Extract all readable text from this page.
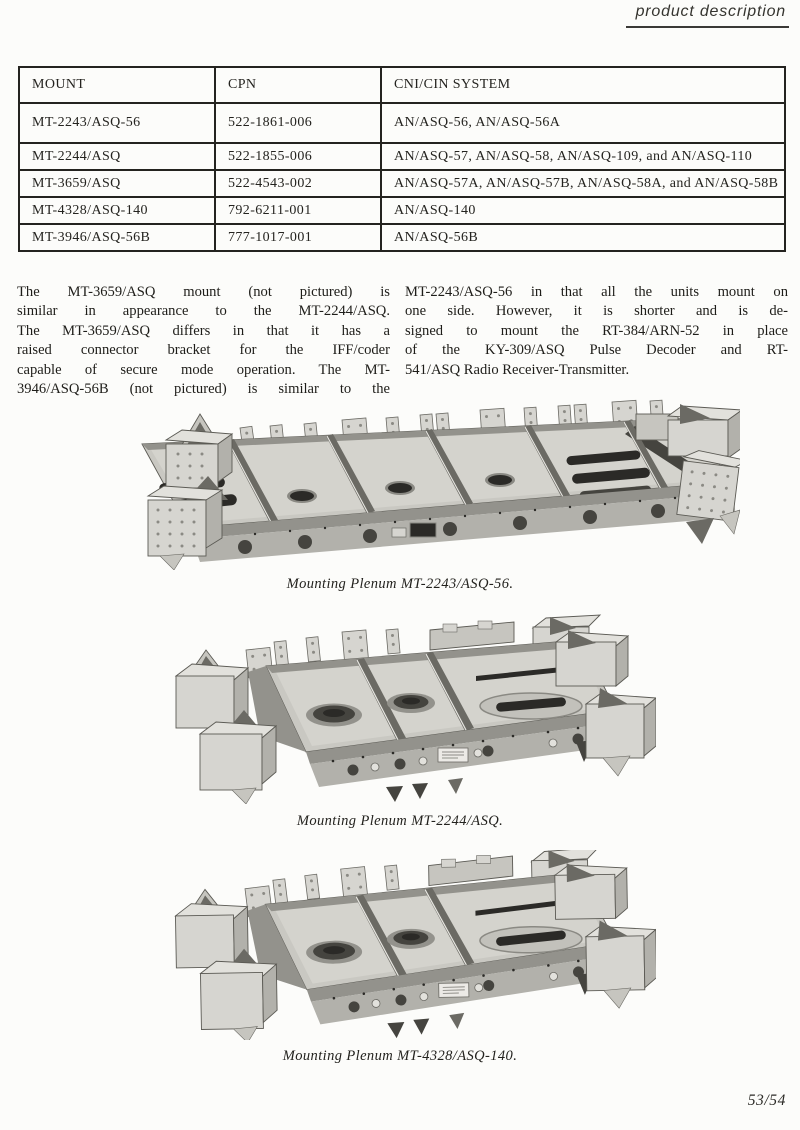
product description
MOUNT	CPN	CNI/CIN SYSTEM
MT-2243/ASQ-56	522-1861-006	AN/ASQ-56, AN/ASQ-56A
MT-2244/ASQ	522-1855-006	AN/ASQ-57, AN/ASQ-58, AN/ASQ-109, and AN/ASQ-110
MT-3659/ASQ	522-4543-002	AN/ASQ-57A, AN/ASQ-57B, AN/ASQ-58A, and AN/ASQ-58B
MT-4328/ASQ-140	792-6211-001	AN/ASQ-140
MT-3946/ASQ-56B	777-1017-001	AN/ASQ-56B
The MT-3659/ASQ mount (not pictured) is
similar in appearance to the MT-2244/ASQ.
The MT-3659/ASQ differs in that it has a
raised connector bracket for the IFF/coder
capable of secure mode operation. The MT-
3946/ASQ-56B (not pictured) is similar to the
MT-2243/ASQ-56 in that all the units mount on
one side. However, it is shorter and is de-
signed to mount the RT-384/ARN-52 in place
of the KY-309/ASQ Pulse Decoder and RT-
541/ASQ Radio Receiver-Transmitter.
Mounting Plenum MT-2243/ASQ-56.
Mounting Plenum MT-2244/ASQ.
Mounting Plenum MT-4328/ASQ-140.
53/54
